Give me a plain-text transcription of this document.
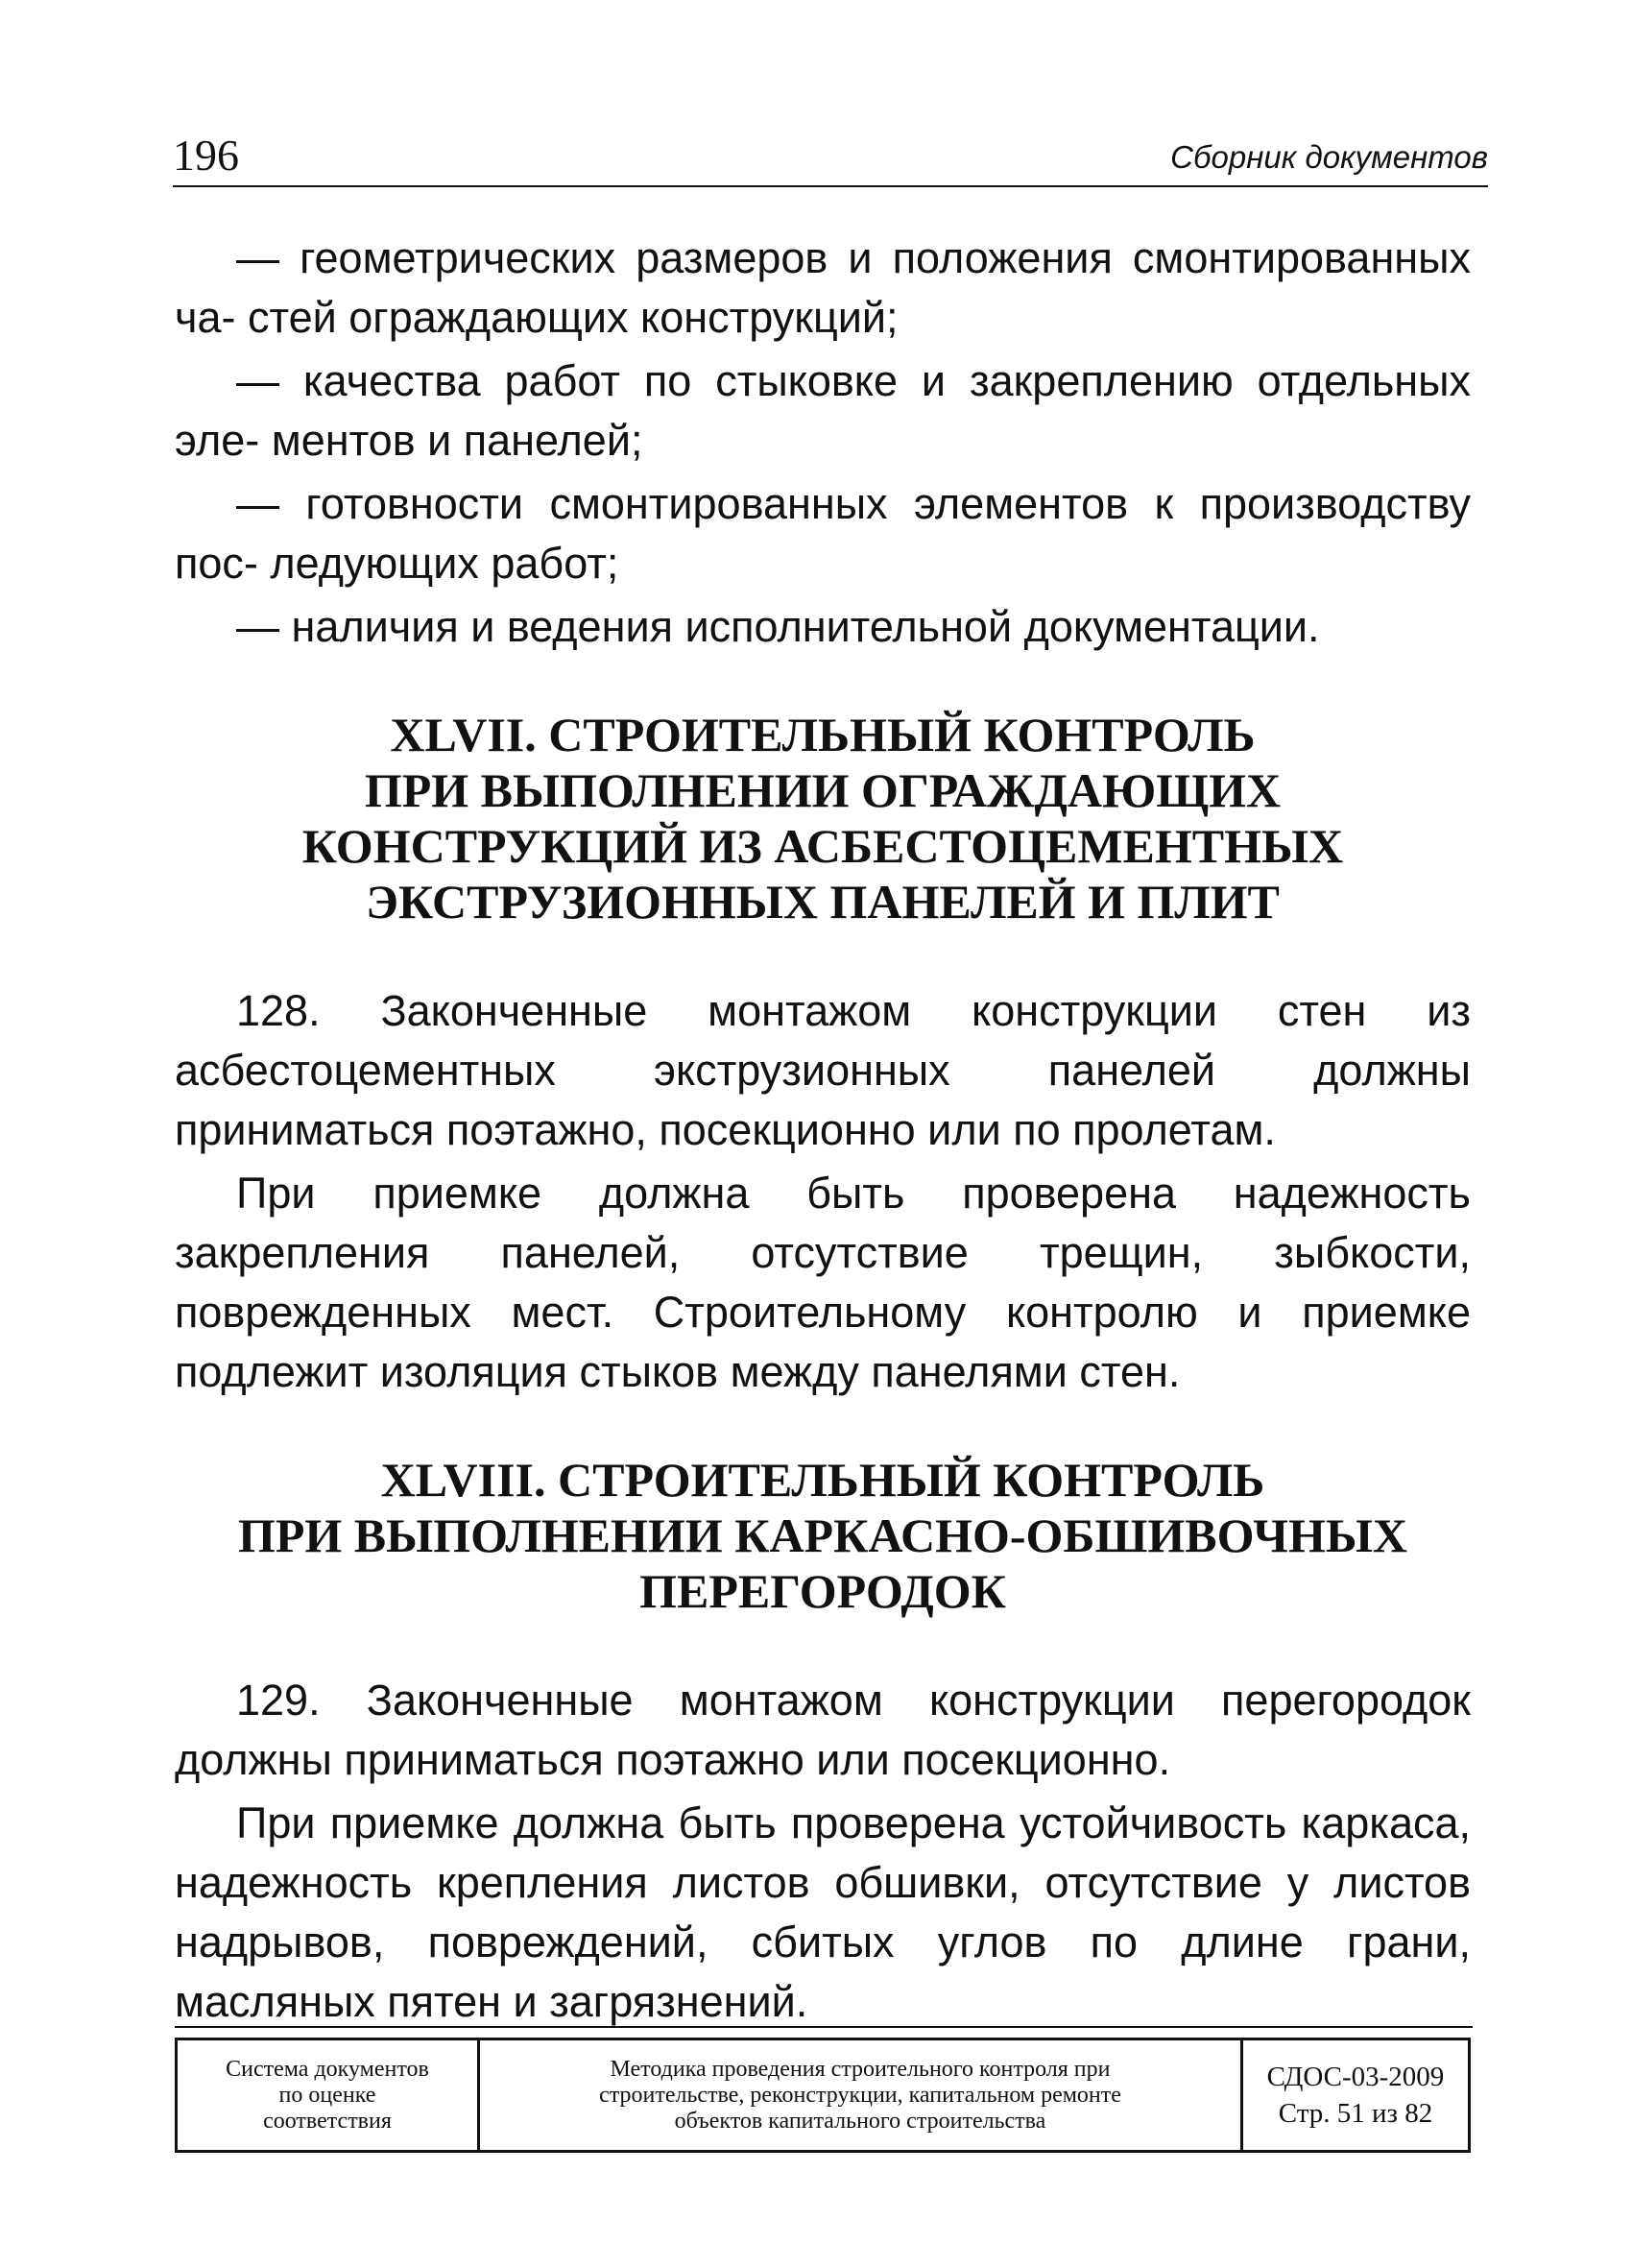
196	Сборник документов

— геометрических размеров и положения смонтированных ча- стей ограждающих конструкций;

— качества работ по стыковке и закреплению отдельных эле- ментов и панелей;

— готовности смонтированных элементов к производству пос- ледующих работ;

— наличия и ведения исполнительной документации.

XLVII. СТРОИТЕЛЬНЫЙ КОНТРОЛЬ
ПРИ ВЫПОЛНЕНИИ ОГРАЖДАЮЩИХ
КОНСТРУКЦИЙ ИЗ АСБЕСТОЦЕМЕНТНЫХ
ЭКСТРУЗИОННЫХ ПАНЕЛЕЙ И ПЛИТ

128. Законченные монтажом конструкции стен из асбестоцементных экструзионных панелей должны приниматься поэтажно, посекционно или по пролетам.

При приемке должна быть проверена надежность закрепления панелей, отсутствие трещин, зыбкости, поврежденных мест. Строительному контролю и приемке подлежит изоляция стыков между панелями стен.

XLVIII. СТРОИТЕЛЬНЫЙ КОНТРОЛЬ
ПРИ ВЫПОЛНЕНИИ КАРКАСНО-ОБШИВОЧНЫХ
ПЕРЕГОРОДОК

129. Законченные монтажом конструкции перегородок должны приниматься поэтажно или посекционно.

При приемке должна быть проверена устойчивость каркаса, надежность крепления листов обшивки, отсутствие у листов надрывов, повреждений, сбитых углов по длине грани, масляных пятен и загрязнений.

Система документов
по оценке
соответствия
Методика проведения строительного контроля при
строительстве, реконструкции, капитальном ремонте
объектов капитального строительства
СДОС-03-2009
Стр. 51 из 82
